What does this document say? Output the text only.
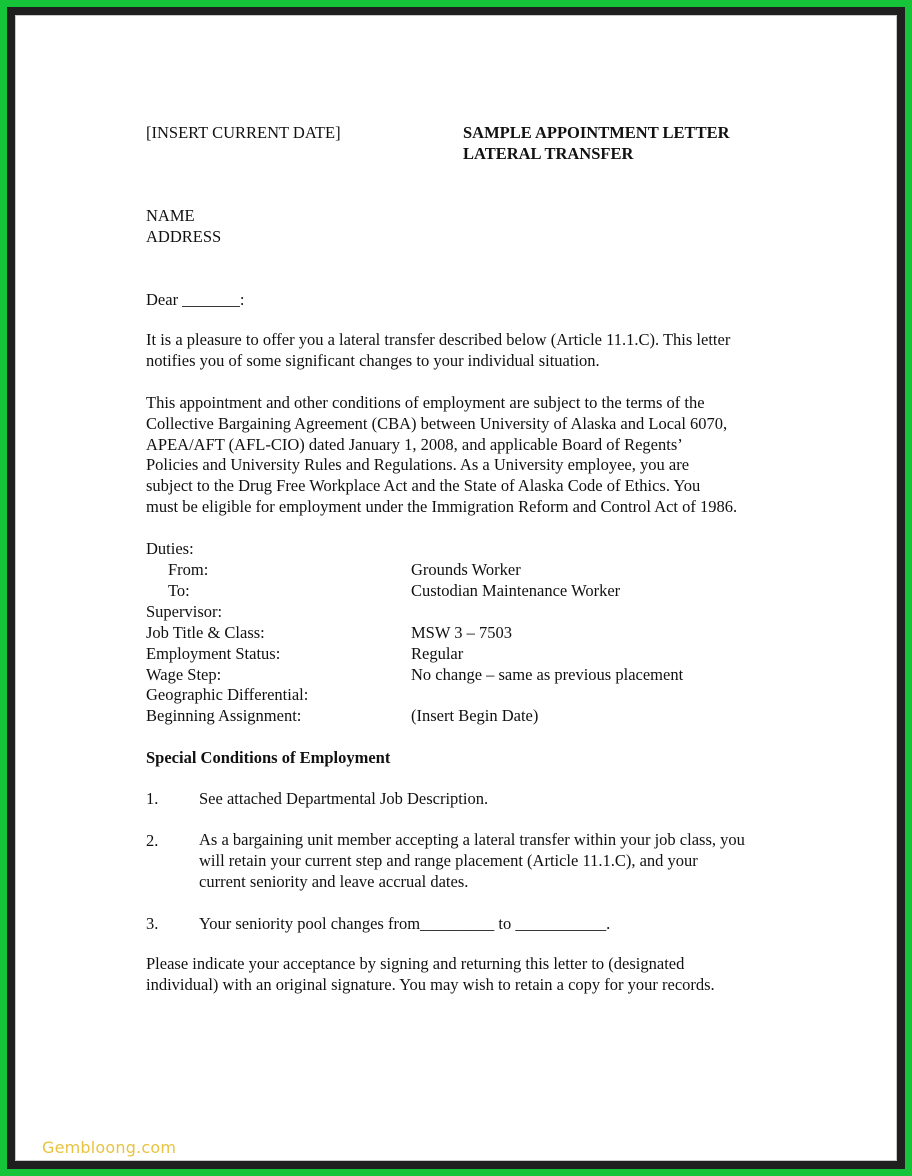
[INSERT CURRENT DATE]	SAMPLE APPOINTMENT LETTER
LATERAL TRANSFER
NAME
ADDRESS
Dear _______:
It is a pleasure to offer you a lateral transfer described below (Article 11.1.C). This letter
notifies you of some significant changes to your individual situation.
This appointment and other conditions of employment are subject to the terms of the
Collective Bargaining Agreement (CBA) between University of Alaska and Local 6070,
APEA/AFT (AFL-CIO) dated January 1, 2008, and applicable Board of Regents’
Policies and University Rules and Regulations. As a University employee, you are
subject to the Drug Free Workplace Act and the State of Alaska Code of Ethics. You
must be eligible for employment under the Immigration Reform and Control Act of 1986.
Duties:
From:	Grounds Worker
To:	Custodian Maintenance Worker
Supervisor:
Job Title & Class:	MSW 3 – 7503
Employment Status:	Regular
Wage Step:	No change – same as previous placement
Geographic Differential:
Beginning Assignment:	(Insert Begin Date)
Special Conditions of Employment
1. See attached Departmental Job Description.
2. As a bargaining unit member accepting a lateral transfer within your job class, you
will retain your current step and range placement (Article 11.1.C), and your
current seniority and leave accrual dates.
3. Your seniority pool changes from_________ to ___________.
Please indicate your acceptance by signing and returning this letter to (designated
individual) with an original signature. You may wish to retain a copy for your records.
Gembloong.com
